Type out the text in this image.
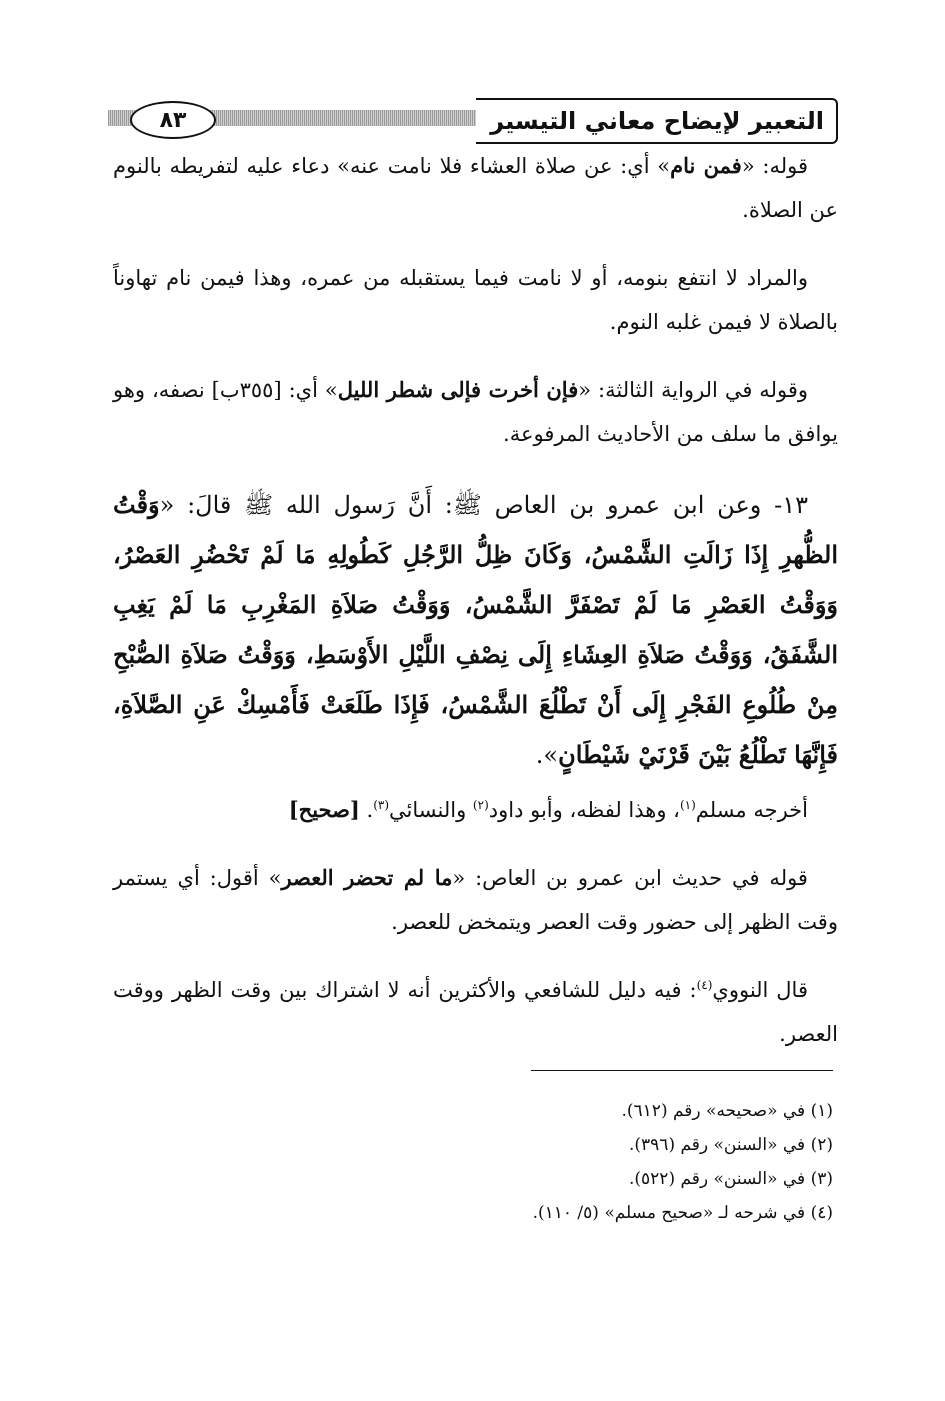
التعبير لإيضاح معاني التيسير
٨٣

قوله: «فمن نام» أي: عن صلاة العشاء فلا نامت عنه» دعاء عليه لتفريطه بالنوم عن الصلاة.

والمراد لا انتفع بنومه، أو لا نامت فيما يستقبله من عمره، وهذا فيمن نام تهاوناً بالصلاة لا فيمن غلبه النوم.

وقوله في الرواية الثالثة: «فإن أخرت فإلى شطر الليل» أي: [٣٥٥ب] نصفه، وهو يوافق ما سلف من الأحاديث المرفوعة.

١٣- وعن ابن عمرو بن العاص ﷺ: أَنَّ رَسول الله ﷺ قالَ: «وَقْتُ الظُّهرِ إِذَا زَالَتِ الشَّمْسُ، وَكَانَ ظِلُّ الرَّجُلِ كَطُولِهِ مَا لَمْ تَحْضُرِ العَصْرُ، وَوَقْتُ العَصْرِ مَا لَمْ تَصْفَرَّ الشَّمْسُ، وَوَقْتُ صَلاَةِ المَغْرِبِ مَا لَمْ يَغِبِ الشَّفَقُ، وَوَقْتُ صَلاَةِ العِشَاءِ إِلَى نِصْفِ اللَّيْلِ الأَوْسَطِ، وَوَقْتُ صَلاَةِ الصُّبْحِ مِنْ طُلُوعِ الفَجْرِ إِلَى أَنْ تَطْلُعَ الشَّمْسُ، فَإِذَا طَلَعَتْ فَأَمْسِكْ عَنِ الصَّلاَةِ، فَإِنَّهَا تَطْلُعُ بَيْنَ قَرْنَيْ شَيْطَانٍ».

أخرجه مسلم$^{(١)}$، وهذا لفظه، وأبو داود$^{(٢)}$ والنسائي$^{(٣)}$. [صحيح]

قوله في حديث ابن عمرو بن العاص: «ما لم تحضر العصر» أقول: أي يستمر وقت الظهر إلى حضور وقت العصر ويتمخض للعصر.

قال النووي$^{(٤)}$: فيه دليل للشافعي والأكثرين أنه لا اشتراك بين وقت الظهر ووقت العصر.

(١) في «صحيحه» رقم (٦١٢).
(٢) في «السنن» رقم (٣٩٦).
(٣) في «السنن» رقم (٥٢٢).
(٤) في شرحه لـ «صحيح مسلم» (٥/ ١١٠).
